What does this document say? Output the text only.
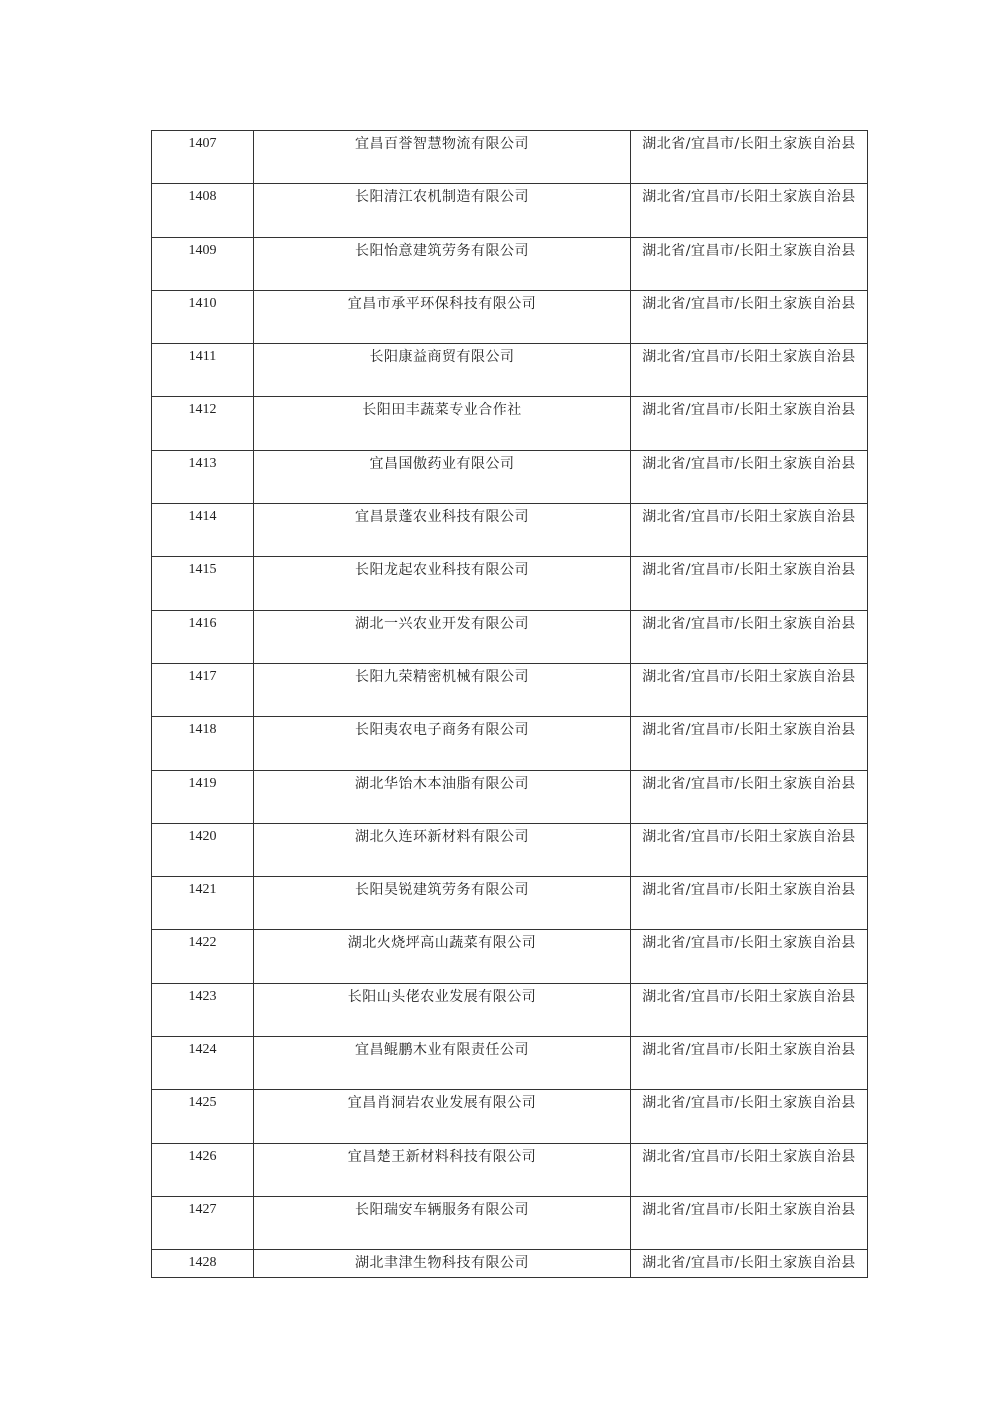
1407	宜昌百誉智慧物流有限公司	湖北省/宜昌市/长阳土家族自治县

1408	长阳清江农机制造有限公司	湖北省/宜昌市/长阳土家族自治县

1409	长阳怡意建筑劳务有限公司	湖北省/宜昌市/长阳土家族自治县

1410	宜昌市承平环保科技有限公司	湖北省/宜昌市/长阳土家族自治县

1411	长阳康益商贸有限公司	湖北省/宜昌市/长阳土家族自治县

1412	长阳田丰蔬菜专业合作社	湖北省/宜昌市/长阳土家族自治县

1413	宜昌国傲药业有限公司	湖北省/宜昌市/长阳土家族自治县

1414	宜昌景蓬农业科技有限公司	湖北省/宜昌市/长阳土家族自治县

1415	长阳龙起农业科技有限公司	湖北省/宜昌市/长阳土家族自治县

1416	湖北一兴农业开发有限公司	湖北省/宜昌市/长阳土家族自治县

1417	长阳九荣精密机械有限公司	湖北省/宜昌市/长阳土家族自治县

1418	长阳夷农电子商务有限公司	湖北省/宜昌市/长阳土家族自治县

1419	湖北华饴木本油脂有限公司	湖北省/宜昌市/长阳土家族自治县

1420	湖北久连环新材料有限公司	湖北省/宜昌市/长阳土家族自治县

1421	长阳昊锐建筑劳务有限公司	湖北省/宜昌市/长阳土家族自治县

1422	湖北火烧坪高山蔬菜有限公司	湖北省/宜昌市/长阳土家族自治县

1423	长阳山头佬农业发展有限公司	湖北省/宜昌市/长阳土家族自治县

1424	宜昌鲲鹏木业有限责任公司	湖北省/宜昌市/长阳土家族自治县

1425	宜昌肖洞岩农业发展有限公司	湖北省/宜昌市/长阳土家族自治县

1426	宜昌楚王新材料科技有限公司	湖北省/宜昌市/长阳土家族自治县

1427	长阳瑞安车辆服务有限公司	湖北省/宜昌市/长阳土家族自治县

1428	湖北聿津生物科技有限公司	湖北省/宜昌市/长阳土家族自治县
